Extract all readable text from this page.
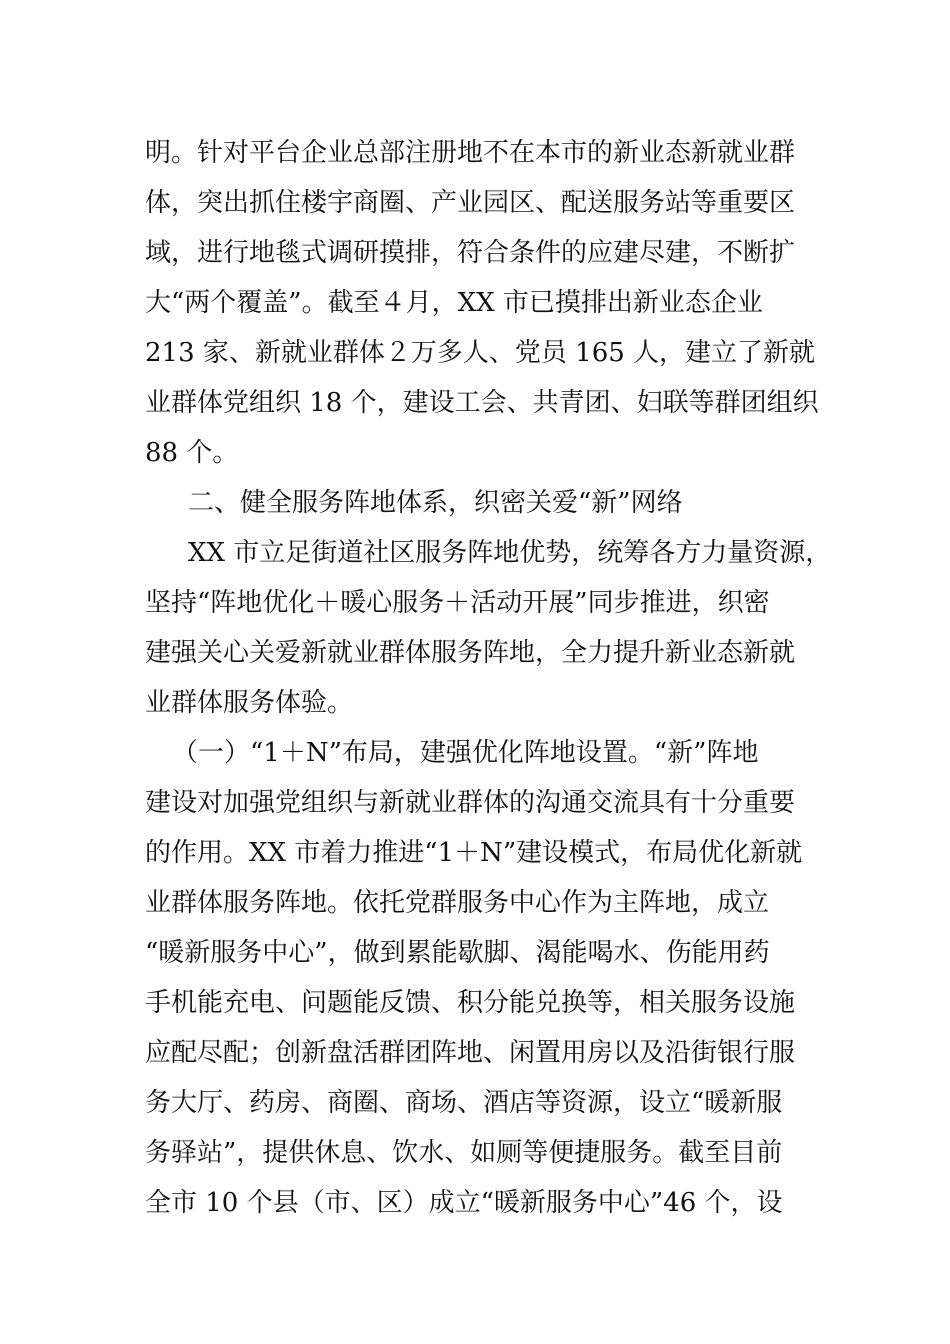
明。针对平台企业总部注册地不在本市的新业态新就业群
体，突出抓住楼宇商圈、产业园区、配送服务站等重要区
域，进行地毯式调研摸排，符合条件的应建尽建，不断扩
大“两个覆盖”。截至４月，XX 市已摸排出新业态企业
213 家、新就业群体２万多人、党员 165 人，建立了新就
业群体党组织 18 个，建设工会、共青团、妇联等群团组织
88 个。
二、健全服务阵地体系，织密关爱“新”网络
XX 市立足街道社区服务阵地优势，统筹各方力量资源，
坚持“阵地优化＋暖心服务＋活动开展”同步推进，织密
建强关心关爱新就业群体服务阵地，全力提升新业态新就
业群体服务体验。
（一）“1＋N”布局，建强优化阵地设置。“新”阵地
建设对加强党组织与新就业群体的沟通交流具有十分重要
的作用。XX 市着力推进“1＋N”建设模式，布局优化新就
业群体服务阵地。依托党群服务中心作为主阵地，成立
“暖新服务中心”，做到累能歇脚、渴能喝水、伤能用药
手机能充电、问题能反馈、积分能兑换等，相关服务设施
应配尽配；创新盘活群团阵地、闲置用房以及沿街银行服
务大厅、药房、商圈、商场、酒店等资源，设立“暖新服
务驿站”，提供休息、饮水、如厕等便捷服务。截至目前
全市 10 个县（市、区）成立“暖新服务中心”46 个，设
